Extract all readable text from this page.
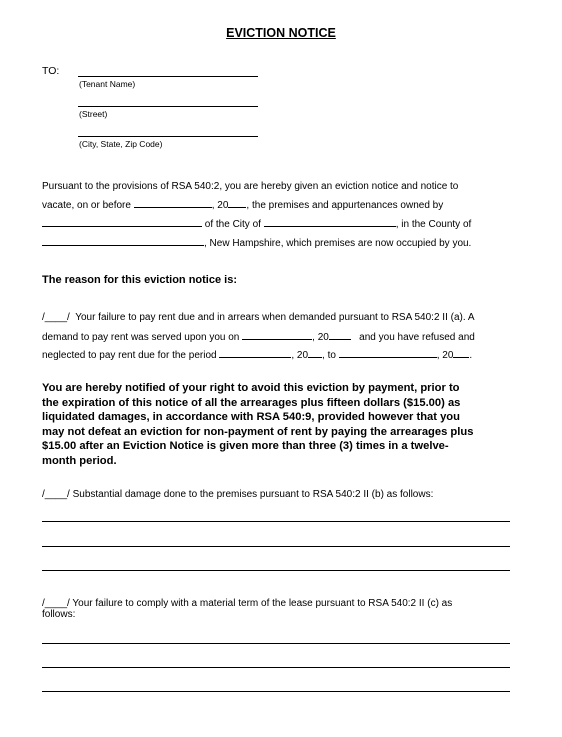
EVICTION NOTICE
TO:
(Tenant Name)
(Street)
(City, State, Zip Code)
Pursuant to the provisions of RSA 540:2, you are hereby given an eviction notice and notice to
vacate, on or before	, 20 , the premises and appurtenances owned by
of the City of	, in the County of
, New Hampshire, which premises are now occupied by you.
The reason for this eviction notice is:
/____/ Your failure to pay rent due and in arrears when demanded pursuant to RSA 540:2 II (a). A
demand to pay rent was served upon you on	, 20	and you have refused and
neglected to pay rent due for the period	, 20 , to	, 20 .

You are hereby notified of your right to avoid this eviction by payment, prior to

the expiration of this notice of all the arrearages plus fifteen dollars ($15.00) as

liquidated damages, in accordance with RSA 540:9, provided however that you

may not defeat an eviction for non-payment of rent by paying the arrearages plus

$15.00 after an Eviction Notice is given more than three (3) times in a twelve-

month period.

/____/ Substantial damage done to the premises pursuant to RSA 540:2 II (b) as follows:
/____/ Your failure to comply with a material term of the lease pursuant to RSA 540:2 II (c) as
follows:
